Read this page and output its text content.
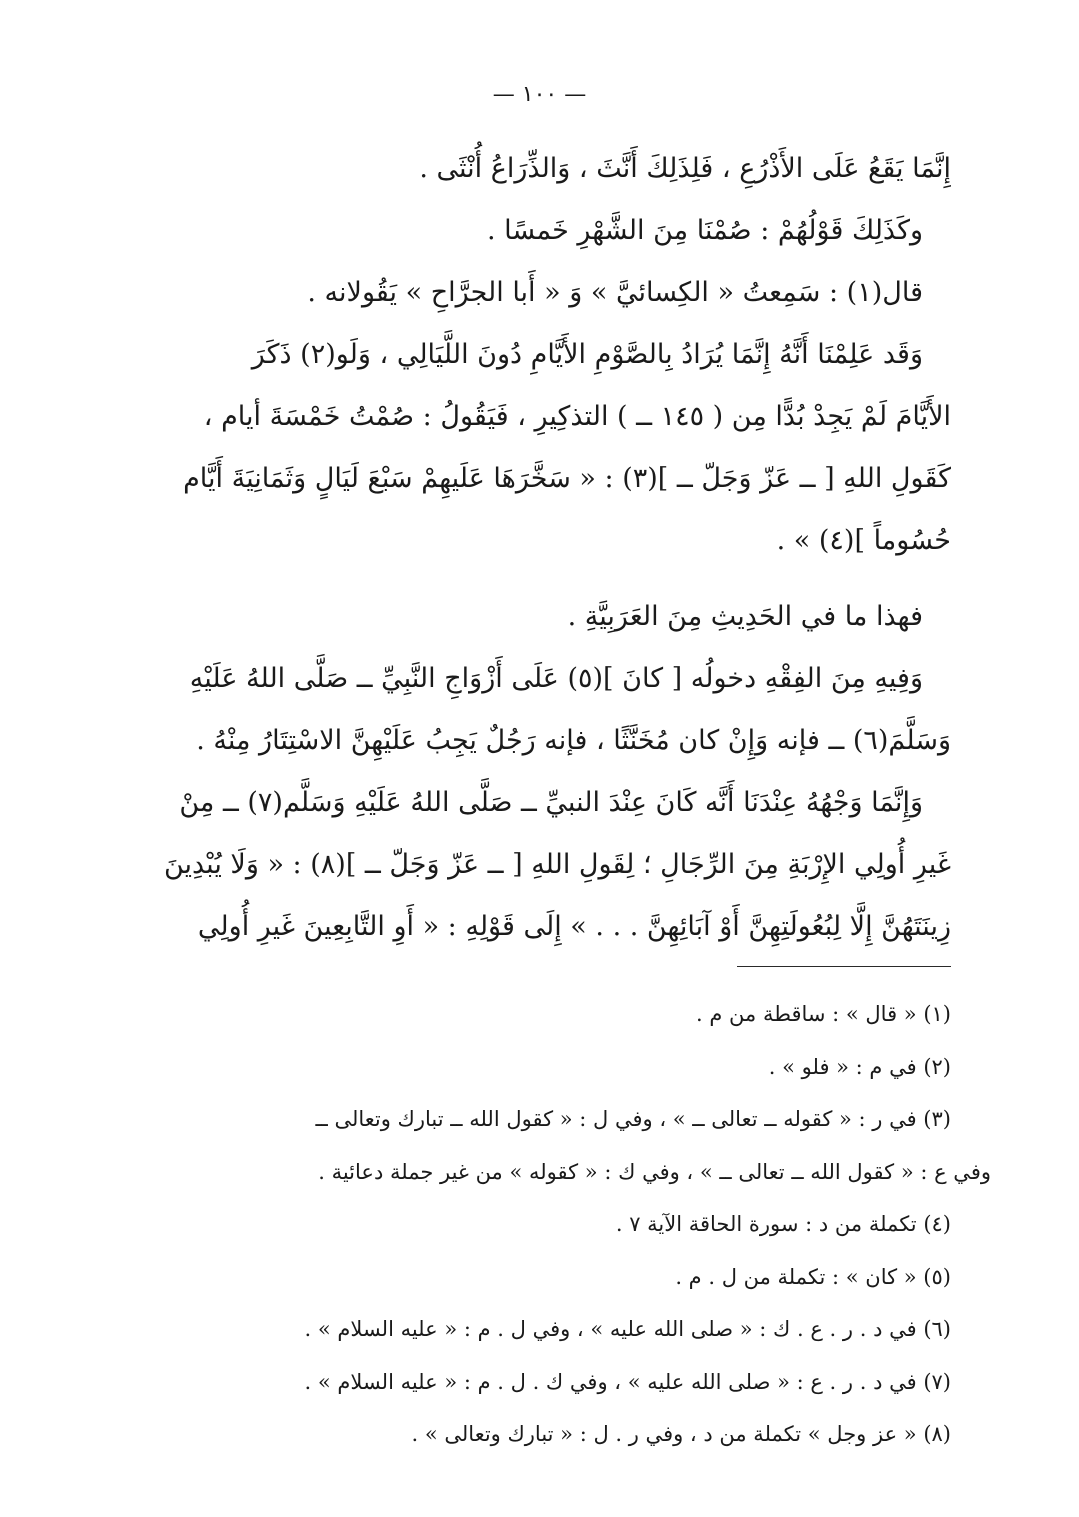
— ١٠٠ —
إِنَّمَا يَقَعُ عَلَى الأَذْرُعِ ، فَلِذَلِكَ أَنَّثَ ، وَالذِّرَاعُ أُنْثَى .
وكَذَلِكَ قَوْلُهُمْ : صُمْنَا مِنَ الشَّهْرِ خَمسًا .
قال(١) : سَمِعتُ « الكِسائيَّ » وَ « أَبا الجرَّاحِ » يَقُولانه .
وَقَد عَلِمْنَا أَنَّهُ إِنَّمَا يُرَادُ بِالصَّوْمِ الأَيَّامِ دُونَ اللَّيَالِي ، وَلَو(٢) ذَكَرَ
الأَيَّامَ لَمْ يَجِدْ بُدًّا مِن ( ١٤٥ ــ ) التذكِيرِ ، فَيَقُولُ : صُمْتُ خَمْسَةَ أيام ،
كَقَولِ اللهِ [ ــ عَزّ وَجَلّ ــ ](٣) : « سَخَّرَهَا عَلَيهِمْ سَبْعَ لَيَالٍ وَثَمَانِيَةَ أَيَّام
حُسُوماً ](٤) » .
فهذا ما في الحَدِيثِ مِنَ العَرَبِيَّةِ .
وَفِيهِ مِنَ الفِقْهِ دخولُه [ كانَ ](٥) عَلَى أَزْوَاجِ النَّبِيِّ ــ صَلَّى اللهُ عَلَيْهِ
وَسَلَّمَ(٦) ــ فإنه وَإِنْ كان مُخَنَّثًا ، فإنه رَجُلٌ يَجِبُ عَلَيْهِنَّ الاسْتِتَارُ مِنْهُ .
وَإِنَّمَا وَجْهُهُ عِنْدَنَا أَنَّه كَانَ عِنْدَ النبيِّ ــ صَلَّى اللهُ عَلَيْهِ وَسَلَّم(٧) ــ مِنْ
غَيرِ أُولِي الإِرْبَةِ مِنَ الرِّجَالِ ؛ لِقَولِ اللهِ [ ــ عَزّ وَجَلّ ــ ](٨) : « وَلَا يُبْدِينَ
زِينَتَهُنَّ إِلَّا لِبُعُولَتِهِنَّ أَوْ آبَائِهِنَّ . . . » إِلَى قَوْلِهِ : « أَوِ التَّابِعِينَ غَيرِ أُولِي
(١) « قال » : ساقطة من م .
(٢) في م : « فلو » .
(٣) في ر : « كقوله ــ تعالى ــ » ، وفي ل : « كقول الله ــ تبارك وتعالى ــ
وفي ع : « كقول الله ــ تعالى ــ » ، وفي ك : « كقوله » من غير جملة دعائية .
(٤) تكملة من د : سورة الحاقة الآية ٧ .
(٥) « كان » : تكملة من ل . م .
(٦) في د . ر . ع . ك : « صلى الله عليه » ، وفي ل . م : « عليه السلام » .
(٧) في د . ر . ع : « صلى الله عليه » ، وفي ك . ل . م : « عليه السلام » .
(٨) « عز وجل » تكملة من د ، وفي ر . ل : « تبارك وتعالى » .
